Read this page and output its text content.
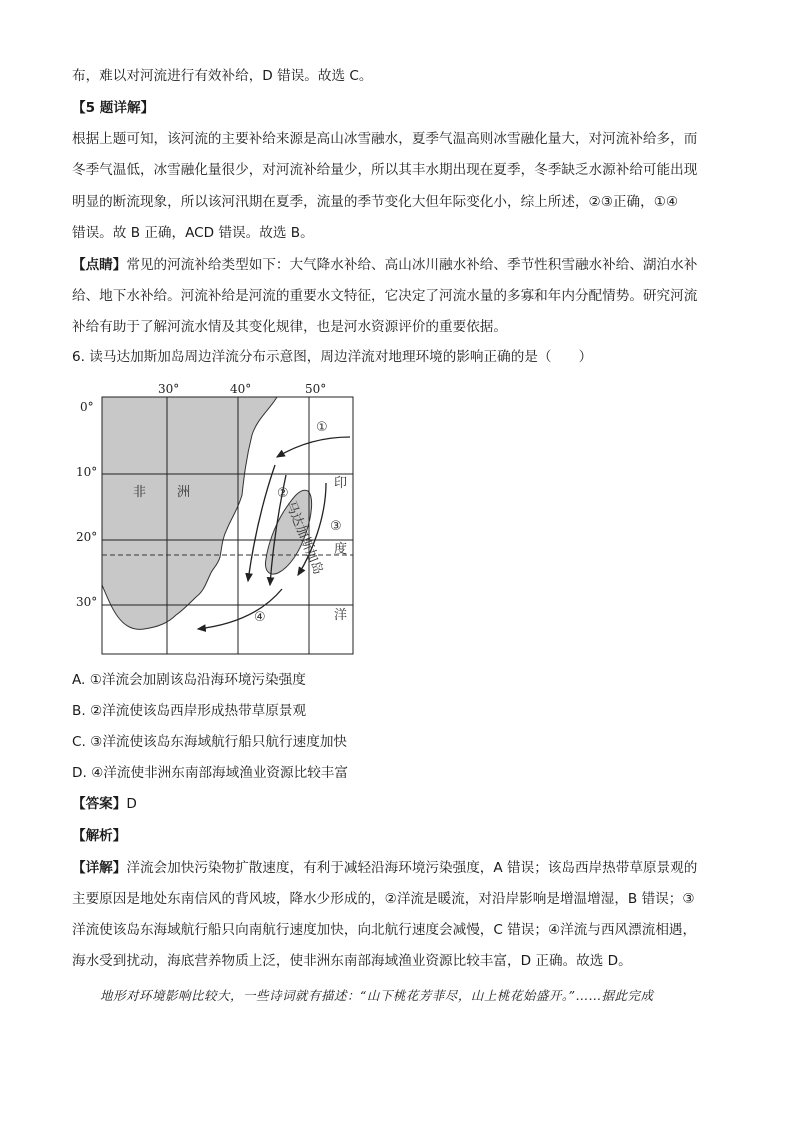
布，难以对河流进行有效补给，D 错误。故选 C。
【5 题详解】
根据上题可知，该河流的主要补给来源是高山冰雪融水，夏季气温高则冰雪融化量大，对河流补给多，而
冬季气温低，冰雪融化量很少，对河流补给量少，所以其丰水期出现在夏季，冬季缺乏水源补给可能出现
明显的断流现象，所以该河汛期在夏季，流量的季节变化大但年际变化小，综上所述，②③正确，①④
错误。故 B 正确，ACD 错误。故选 B。
【点睛】常见的河流补给类型如下：大气降水补给、高山冰川融水补给、季节性积雪融水补给、湖泊水补
给、地下水补给。河流补给是河流的重要水文特征，它决定了河流水量的多寡和年内分配情势。研究河流
补给有助于了解河流水情及其变化规律，也是河水资源评价的重要依据。
6. 读马达加斯加岛周边洋流分布示意图，周边洋流对地理环境的影响正确的是（　　）
30°	40°	50°
0°
10°
20°
30°
非 洲
印
度
洋
①
②
③
④
马达加斯加岛
A. ①洋流会加剧该岛沿海环境污染强度
B. ②洋流使该岛西岸形成热带草原景观
C. ③洋流使该岛东海域航行船只航行速度加快
D. ④洋流使非洲东南部海域渔业资源比较丰富
【答案】D
【解析】
【详解】洋流会加快污染物扩散速度，有利于减轻沿海环境污染强度，A 错误；该岛西岸热带草原景观的
主要原因是地处东南信风的背风坡，降水少形成的，②洋流是暖流，对沿岸影响是增温增湿，B 错误；③
洋流使该岛东海域航行船只向南航行速度加快，向北航行速度会减慢，C 错误；④洋流与西风漂流相遇，
海水受到扰动，海底营养物质上泛，使非洲东南部海域渔业资源比较丰富，D 正确。故选 D。
地形对环境影响比较大，一些诗词就有描述：“山下桃花芳菲尽，山上桃花始盛开。”……据此完成
